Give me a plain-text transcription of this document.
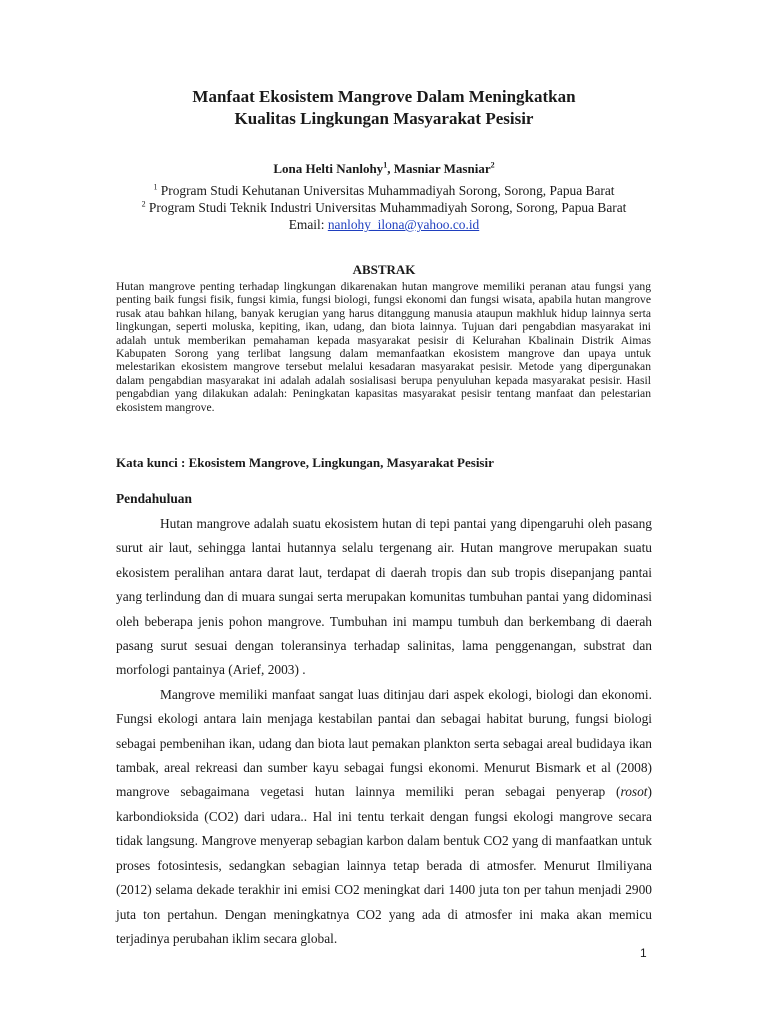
Manfaat Ekosistem Mangrove Dalam Meningkatkan
Kualitas Lingkungan Masyarakat Pesisir
Lona Helti Nanlohy$^1$, Masniar Masniar$^2$
$^1$ Program Studi Kehutanan Universitas Muhammadiyah Sorong, Sorong, Papua Barat
$^2$ Program Studi Teknik Industri Universitas Muhammadiyah Sorong, Sorong, Papua Barat
Email: nanlohy_ilona@yahoo.co.id
ABSTRAK
Hutan mangrove penting terhadap lingkungan dikarenakan hutan mangrove memiliki peranan atau fungsi yang penting baik fungsi fisik, fungsi kimia, fungsi biologi, fungsi ekonomi dan fungsi wisata, apabila hutan mangrove rusak atau bahkan hilang, banyak kerugian yang harus ditanggung manusia ataupun makhluk hidup lainnya serta lingkungan, seperti moluska, kepiting, ikan, udang, dan biota lainnya. Tujuan dari pengabdian masyarakat ini adalah untuk memberikan pemahaman kepada masyarakat pesisir di Kelurahan Kbalinain Distrik Aimas Kabupaten Sorong yang terlibat langsung dalam memanfaatkan ekosistem mangrove dan upaya untuk melestarikan ekosistem mangrove tersebut melalui kesadaran masyarakat pesisir. Metode yang dipergunakan dalam pengabdian masyarakat ini adalah adalah sosialisasi berupa penyuluhan kepada masyarakat pesisir. Hasil pengabdian yang dilakukan adalah: Peningkatan kapasitas masyarakat pesisir tentang manfaat dan pelestarian ekosistem mangrove.
Kata kunci : Ekosistem Mangrove, Lingkungan, Masyarakat Pesisir
Pendahuluan

Hutan mangrove adalah suatu ekosistem hutan di tepi pantai yang dipengaruhi oleh pasang surut air laut, sehingga lantai hutannya selalu tergenang air. Hutan mangrove merupakan suatu ekosistem peralihan antara darat laut, terdapat di daerah tropis dan sub tropis disepanjang pantai yang terlindung dan di muara sungai serta merupakan komunitas tumbuhan pantai yang didominasi oleh beberapa jenis pohon mangrove. Tumbuhan ini mampu tumbuh dan berkembang di daerah pasang surut sesuai dengan toleransinya terhadap salinitas, lama penggenangan, substrat dan morfologi pantainya (Arief, 2003) .

Mangrove memiliki manfaat sangat luas ditinjau dari aspek ekologi, biologi dan ekonomi. Fungsi ekologi antara lain menjaga kestabilan pantai dan sebagai habitat burung, fungsi biologi sebagai pembenihan ikan, udang dan biota laut pemakan plankton serta sebagai areal budidaya ikan tambak, areal rekreasi dan sumber kayu sebagai fungsi ekonomi. Menurut Bismark et al (2008) mangrove sebagaimana vegetasi hutan lainnya memiliki peran sebagai penyerap (rosot) karbondioksida (CO2) dari udara.. Hal ini tentu terkait dengan fungsi ekologi mangrove secara tidak langsung. Mangrove menyerap sebagian karbon dalam bentuk CO2 yang di manfaatkan untuk proses fotosintesis, sedangkan sebagian lainnya tetap berada di atmosfer. Menurut Ilmiliyana (2012) selama dekade terakhir ini emisi CO2 meningkat dari 1400 juta ton per tahun menjadi 2900 juta ton pertahun. Dengan meningkatnya CO2 yang ada di atmosfer ini maka akan memicu terjadinya perubahan iklim secara global.

1
